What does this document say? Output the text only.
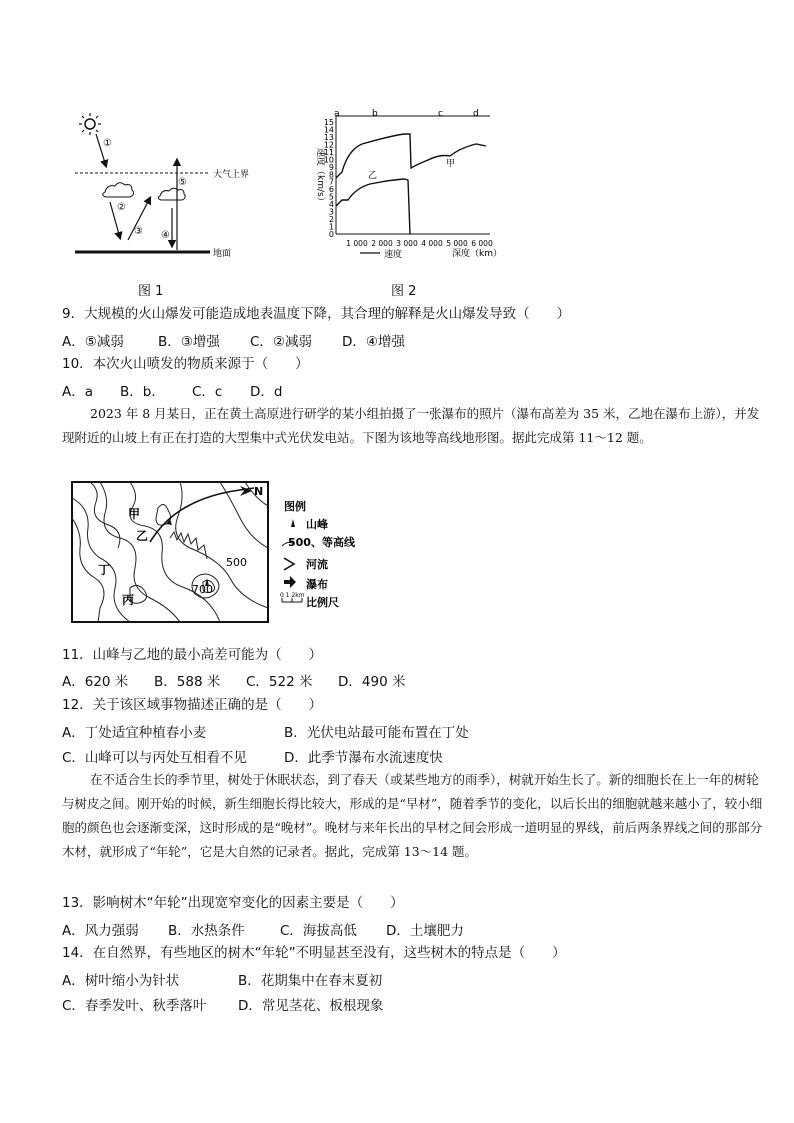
①
大气上界
②
③
⑤
④
地面
图 1
15
14
13
12
11
10
9
8
7
6
5
4
3
2
1
0
1 000 2 000 3 000 4 000 5 000 6 000
速度（km/s）
a	b	c	d
甲
乙
速度	深度（km）
图 2
9．大规模的火山爆发可能造成地表温度下降，其合理的解释是火山爆发导致（　　）
A．⑤减弱	B．③增强 C．②减弱 D．④增强
10．本次火山喷发的物质来源于（　　）
A．a B．b． C．c D．d
2023 年 8 月某日，正在黄土高原进行研学的某小组拍摄了一张瀑布的照片（瀑布高差为 35 米，乙地在瀑布上游），并发现附近的山坡上有正在打造的大型集中式光伏发电站。下图为该地等高线地形图。据此完成第 11～12 题。
N
甲
乙
丙
丁
500
700
图例
山峰
500、等高线
河流
瀑布
0 1 2km
比例尺
11．山峰与乙地的最小高差可能为（　　）
A．620 米 B．588 米 C．522 米 D．490 米
12．关于该区域事物描述正确的是（　　）
A．丁处适宜种植春小麦	B．光伏电站最可能布置在丁处
C．山峰可以与丙处互相看不见	D．此季节瀑布水流速度快
在不适合生长的季节里，树处于休眠状态，到了春天（或某些地方的雨季），树就开始生长了。新的细胞长在上一年的树轮与树皮之间。刚开始的时候，新生细胞长得比较大，形成的是“早材”，随着季节的变化，以后长出的细胞就越来越小了，较小细胞的颜色也会逐渐变深，这时形成的是“晚材”。晚材与来年长出的早材之间会形成一道明显的界线，前后两条界线之间的那部分木材，就形成了“年轮”，它是大自然的记录者。据此，完成第 13～14 题。
13．影响树木“年轮”出现宽窄变化的因素主要是（　　）
A．风力强弱 B．水热条件	C．海拔高低 D．土壤肥力
14．在自然界，有些地区的树木“年轮”不明显甚至没有，这些树木的特点是（　　）
A．树叶缩小为针状	B．花期集中在春末夏初
C．春季发叶、秋季落叶 D．常见茎花、板根现象
